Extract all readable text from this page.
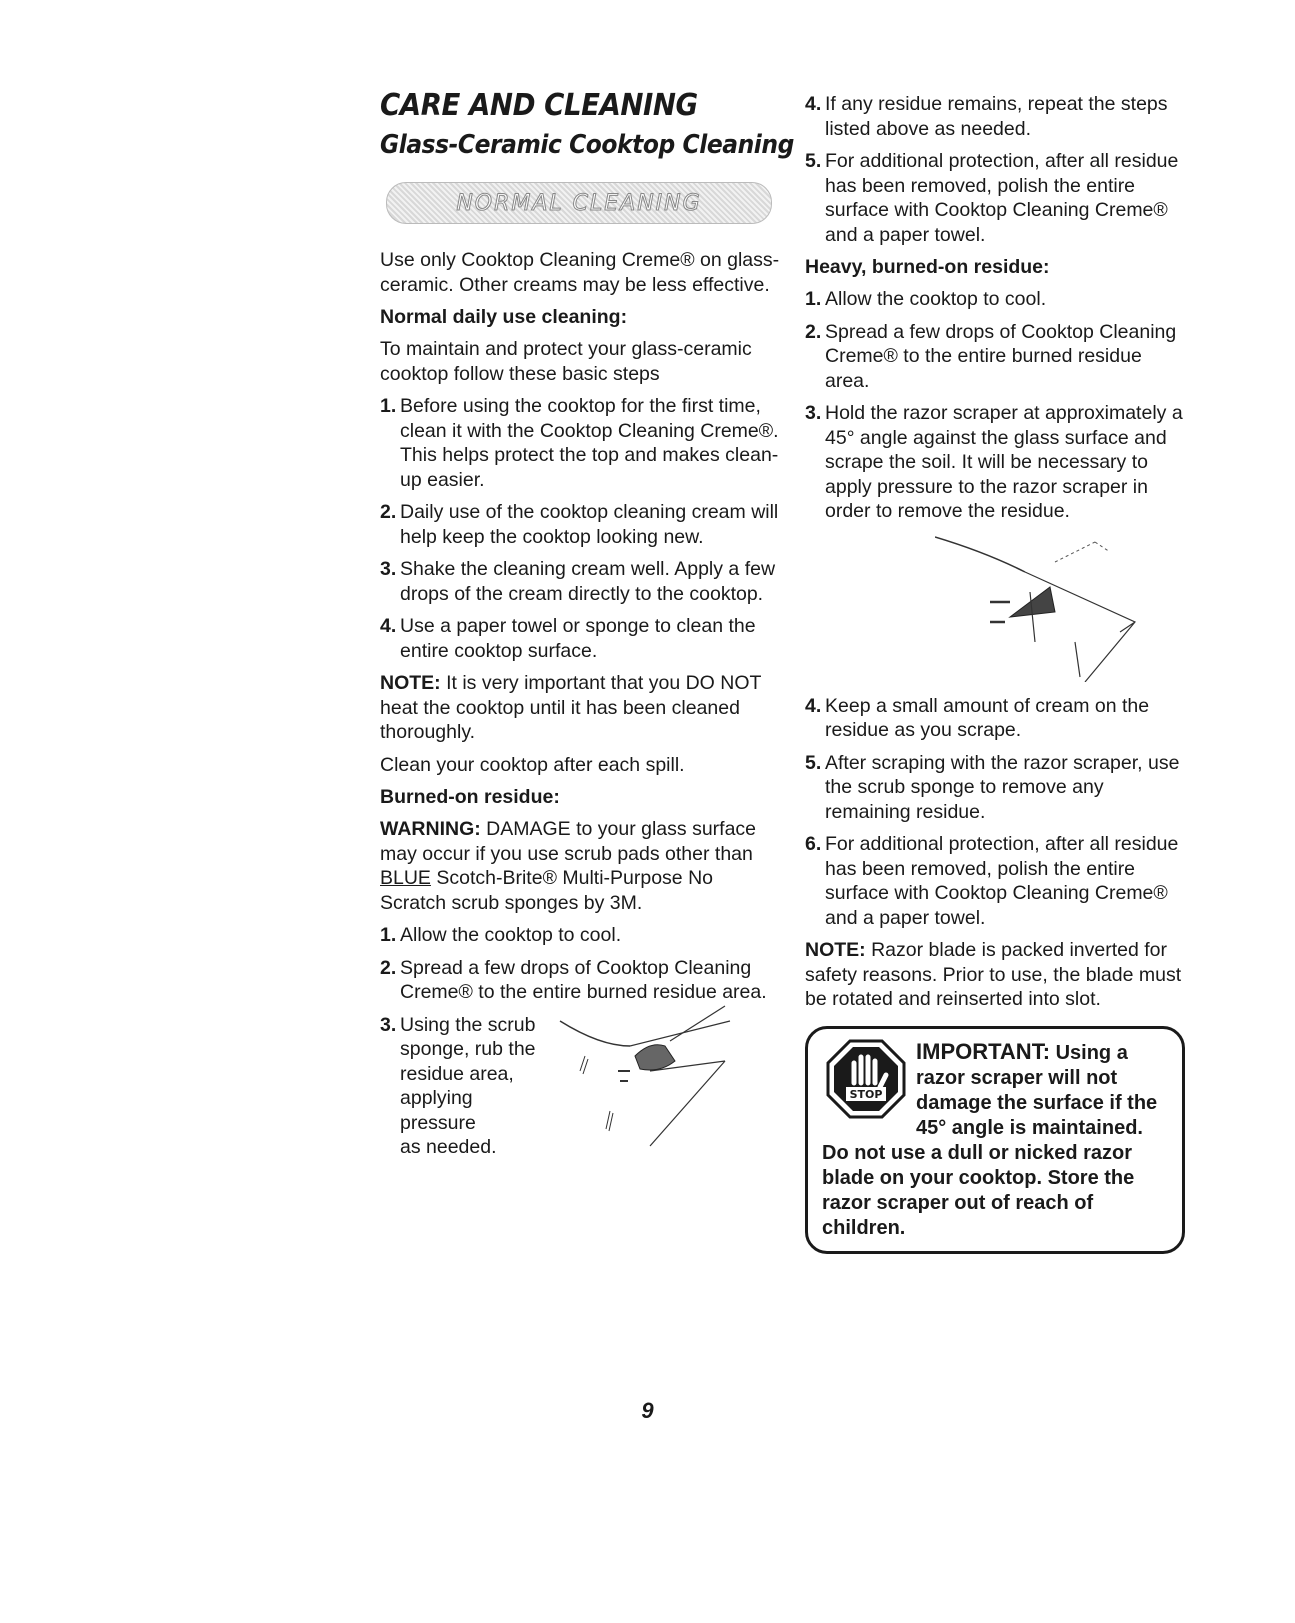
CARE AND CLEANING
Glass-Ceramic Cooktop Cleaning
NORMAL CLEANING

Use only Cooktop Cleaning Creme® on glass-ceramic. Other creams may be less effective.

Normal daily use cleaning:

To maintain and protect your glass-ceramic cooktop follow these basic steps

1. Before using the cooktop for the first time, clean it with the Cooktop Cleaning Creme®. This helps protect the top and makes clean-up easier.
2. Daily use of the cooktop cleaning cream will help keep the cooktop looking new.
3. Shake the cleaning cream well. Apply a few drops of the cream directly to the cooktop.
4. Use a paper towel or sponge to clean the entire cooktop surface.

NOTE: It is very important that you DO NOT heat the cooktop until it has been cleaned thoroughly.

Clean your cooktop after each spill.

Burned-on residue:

WARNING: DAMAGE to your glass surface may occur if you use scrub pads other than BLUE Scotch-Brite® Multi-Purpose No Scratch scrub sponges by 3M.

1. Allow the cooktop to cool.
2. Spread a few drops of Cooktop Cleaning Creme® to the entire burned residue area.
3. Using the scrub
sponge, rub the
residue area,
applying
pressure
as needed.
4. If any residue remains, repeat the steps listed above as needed.
5. For additional protection, after all residue has been removed, polish the entire surface with Cooktop Cleaning Creme® and a paper towel.
Heavy, burned-on residue:
1. Allow the cooktop to cool.
2. Spread a few drops of Cooktop Cleaning Creme® to the entire burned residue area.
3. Hold the razor scraper at approximately a 45° angle against the glass surface and scrape the soil. It will be necessary to apply pressure to the razor scraper in order to remove the residue.
4. Keep a small amount of cream on the residue as you scrape.
5. After scraping with the razor scraper, use the scrub sponge to remove any remaining residue.
6. For additional protection, after all residue has been removed, polish the entire surface with Cooktop Cleaning Creme® and a paper towel.

NOTE: Razor blade is packed inverted for safety reasons. Prior to use, the blade must be rotated and reinserted into slot.

STOP

IMPORTANT: Using a razor scraper will not damage the surface if the 45° angle is maintained. Do not use a dull or nicked razor blade on your cooktop. Store the razor scraper out of reach of children.

9
